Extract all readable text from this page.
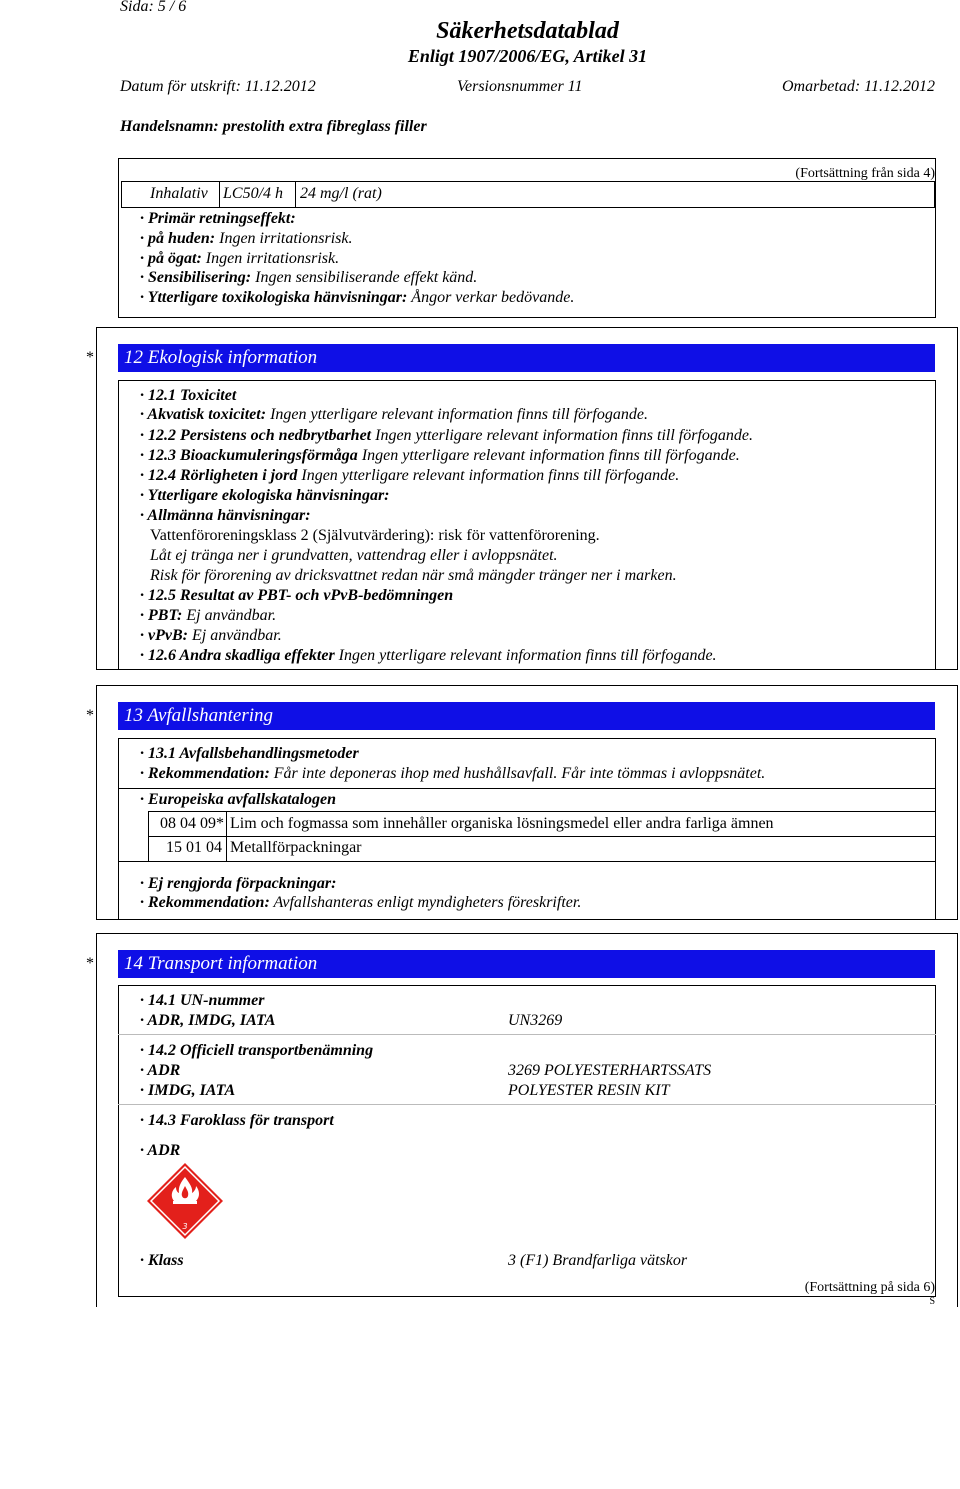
Sida: 5 / 6
Säkerhetsdatablad
Enligt 1907/2006/EG, Artikel 31
Datum för utskrift: 11.12.2012	Versionsnummer 11	Omarbetad: 11.12.2012
Handelsnamn: prestolith extra fibreglass filler
(Fortsättning från sida 4)
Inhalativ LC50/4 h 24 mg/l (rat)
· Primär retningseffekt:
· på huden: Ingen irritationsrisk.
· på ögat: Ingen irritationsrisk.
· Sensibilisering: Ingen sensibiliserande effekt känd.
· Ytterligare toxikologiska hänvisningar: Ångor verkar bedövande.
*	12 Ekologisk information
· 12.1 Toxicitet
· Akvatisk toxicitet: Ingen ytterligare relevant information finns till förfogande.
· 12.2 Persistens och nedbrytbarhet Ingen ytterligare relevant information finns till förfogande.
· 12.3 Bioackumuleringsförmåga Ingen ytterligare relevant information finns till förfogande.
· 12.4 Rörligheten i jord Ingen ytterligare relevant information finns till förfogande.
· Ytterligare ekologiska hänvisningar:
· Allmänna hänvisningar:
Vattenföroreningsklass 2 (Självutvärdering): risk för vattenförorening.
Låt ej tränga ner i grundvatten, vattendrag eller i avloppsnätet.
Risk för förorening av dricksvattnet redan när små mängder tränger ner i marken.
· 12.5 Resultat av PBT- och vPvB-bedömningen
· PBT: Ej användbar.
· vPvB: Ej användbar.
· 12.6 Andra skadliga effekter Ingen ytterligare relevant information finns till förfogande.
*	13 Avfallshantering
· 13.1 Avfallsbehandlingsmetoder
· Rekommendation: Får inte deponeras ihop med hushållsavfall. Får inte tömmas i avloppsnätet.
· Europeiska avfallskatalogen
08 04 09* Lim och fogmassa som innehåller organiska lösningsmedel eller andra farliga ämnen
15 01 04 Metallförpackningar
· Ej rengjorda förpackningar:
· Rekommendation: Avfallshanteras enligt myndigheters föreskrifter.
*	14 Transport information
· 14.1 UN-nummer
· ADR, IMDG, IATA	UN3269
· 14.2 Officiell transportbenämning
· ADR	3269 POLYESTERHARTSSATS
· IMDG, IATA	POLYESTER RESIN KIT
· 14.3 Faroklass för transport
· ADR
3
· Klass	3 (F1) Brandfarliga vätskor
(Fortsättning på sida 6)
S
